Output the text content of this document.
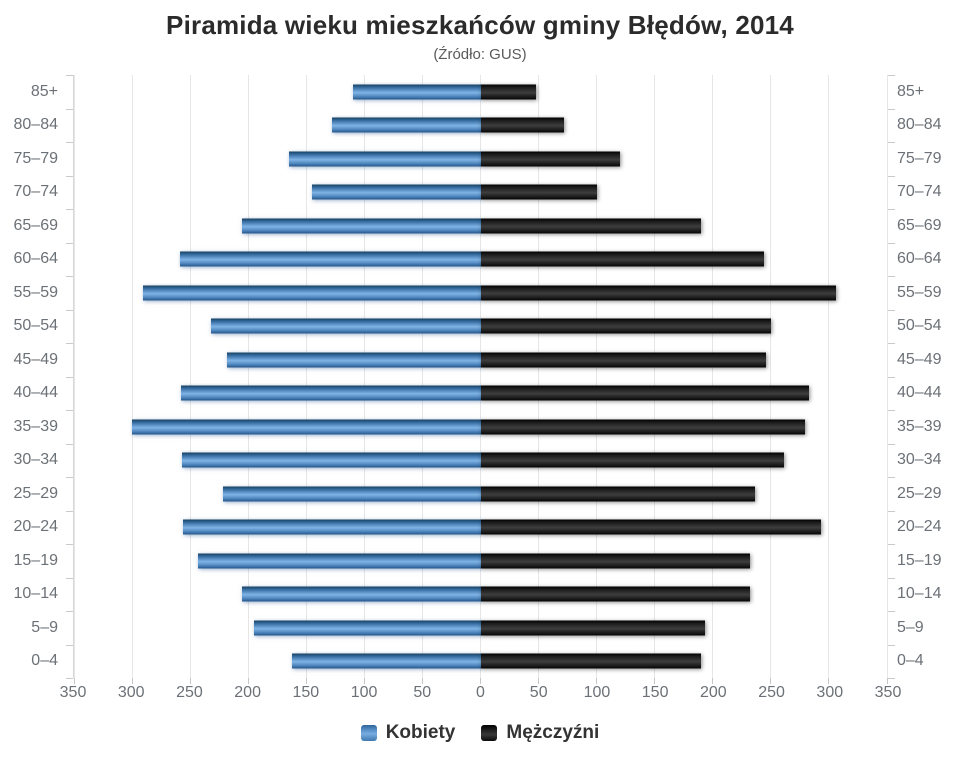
Piramida wieku mieszkańców gminy Błędów, 2014
(Źródło: GUS)
350	300	250	200	150	100	50	0	50	100	150	200	250	300	350
Kobiety	Mężczyźni
85+	85+
80–84	80–84
75–79	75–79
70–74	70–74
65–69	65–69
60–64	60–64
55–59	55–59
50–54	50–54
45–49	45–49
40–44	40–44
35–39	35–39
30–34	30–34
25–29	25–29
20–24	20–24
15–19	15–19
10–14	10–14
5–9	5–9
0–4	0–4
